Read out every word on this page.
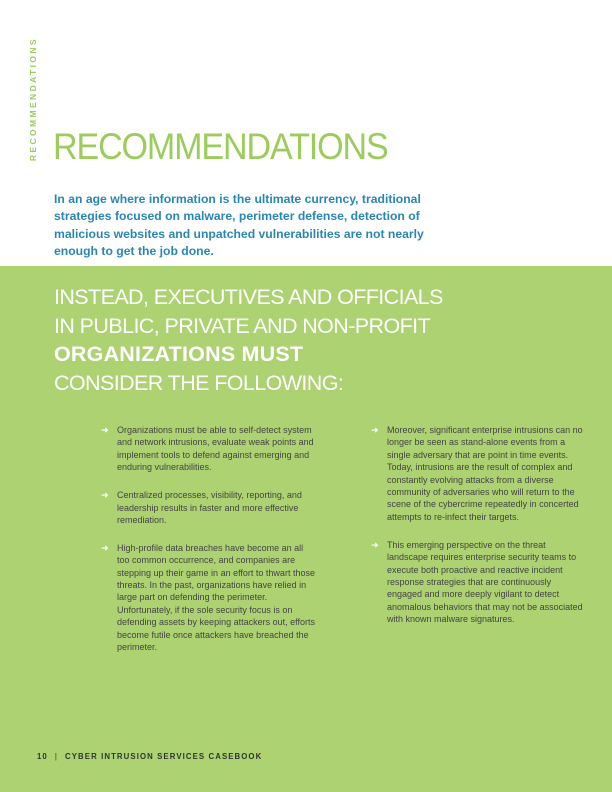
RECOMMENDATIONS RECOMMENDATIONS

In an age where information is the ultimate currency, traditional strategies focused on malware, perimeter defense, detection of malicious websites and unpatched vulnerabilities are not nearly enough to get the job done.

INSTEAD, EXECUTIVES AND OFFICIALS
IN PUBLIC, PRIVATE AND NON-PROFIT
ORGANIZATIONS MUST
CONSIDER THE FOLLOWING:
➜ Organizations must be able to self-detect system and network intrusions, evaluate weak points and implement tools to defend against emerging and enduring vulnerabilities.
➜ Centralized processes, visibility, reporting, and leadership results in faster and more effective remediation.
➜ High-profile data breaches have become an all too common occurrence, and companies are stepping up their game in an effort to thwart those threats. In the past, organizations have relied in large part on defending the perimeter. Unfortunately, if the sole security focus is on defending assets by keeping attackers out, efforts become futile once attackers have breached the perimeter.
➜ Moreover, significant enterprise intrusions can no longer be seen as stand-alone events from a single adversary that are point in time events. Today, intrusions are the result of complex and constantly evolving attacks from a diverse community of adversaries who will return to the scene of the cybercrime repeatedly in concerted attempts to re-infect their targets.
➜ This emerging perspective on the threat landscape requires enterprise security teams to execute both proactive and reactive incident response strategies that are continuously engaged and more deeply vigilant to detect anomalous behaviors that may not be associated with known malware signatures.
10 | CYBER INTRUSION SERVICES CASEBOOK
